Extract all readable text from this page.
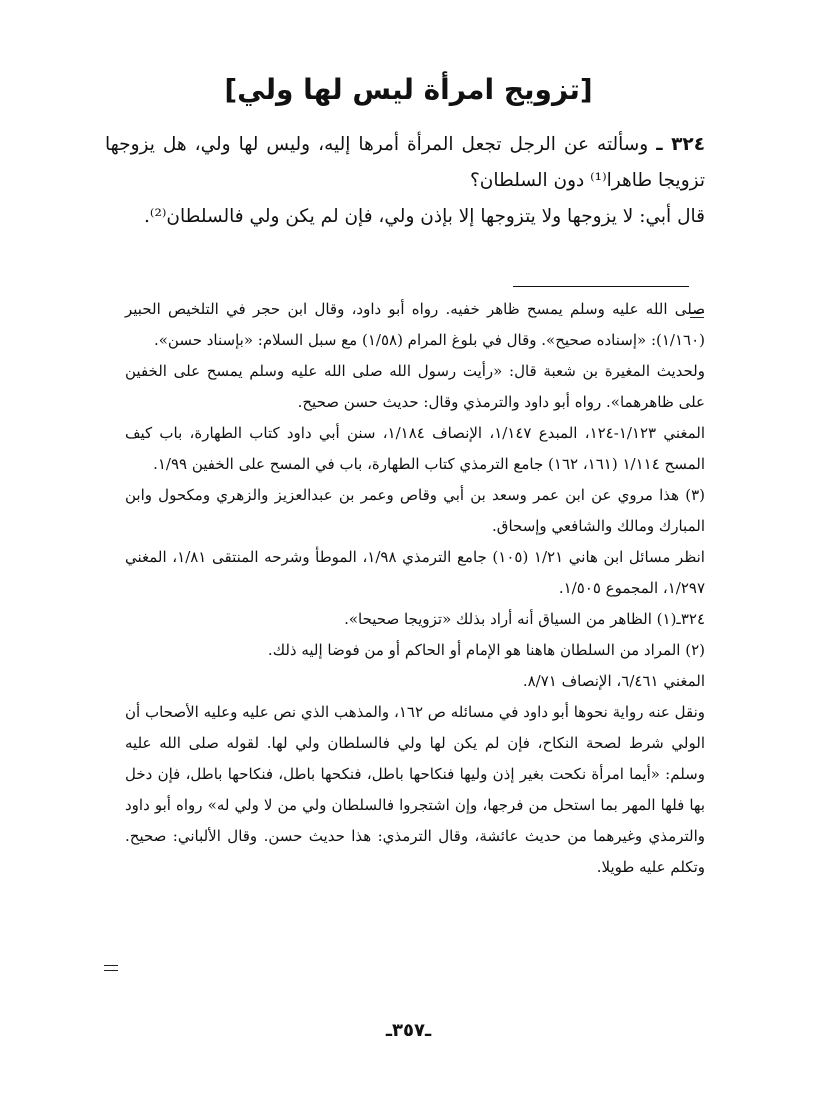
[تزويج امرأة ليس لها ولي]

٣٢٤ ـ وسألته عن الرجل تجعل المرأة أمرها إليه، وليس لها ولي، هل يزوجها تزويجا طاهرا⁽¹⁾ دون السلطان؟

قال أبي: لا يزوجها ولا يتزوجها إلا بإذن ولي، فإن لم يكن ولي فالسلطان⁽²⁾.

صلى الله عليه وسلم يمسح ظاهر خفيه. رواه أبو داود، وقال ابن حجر في التلخيص الحبير (١/١٦٠): «إسناده صحيح». وقال في بلوغ المرام (١/٥٨) مع سبل السلام: «بإسناد حسن».

ولحديث المغيرة بن شعبة قال: «رأيت رسول الله صلى الله عليه وسلم يمسح على الخفين على ظاهرهما». رواه أبو داود والترمذي وقال: حديث حسن صحيح.

المغني ١/١٢٣-١٢٤، المبدع ١/١٤٧، الإنصاف ١/١٨٤، سنن أبي داود كتاب الطهارة، باب كيف المسح ١/١١٤ (١٦١، ١٦٢) جامع الترمذي كتاب الطهارة، باب في المسح على الخفين ١/٩٩.

(٣) هذا مروي عن ابن عمر وسعد بن أبي وقاص وعمر بن عبدالعزيز والزهري ومكحول وابن المبارك ومالك والشافعي وإسحاق.

انظر مسائل ابن هاني ١/٢١ (١٠٥) جامع الترمذي ١/٩٨، الموطأ وشرحه المنتقى ١/٨١، المغني ١/٢٩٧، المجموع ١/٥٠٥.

٣٢٤ـ(١) الظاهر من السياق أنه أراد بذلك «تزويجا صحيحا».

(٢) المراد من السلطان هاهنا هو الإمام أو الحاكم أو من فوضا إليه ذلك.

المغني ٦/٤٦١، الإنصاف ٨/٧١.

ونقل عنه رواية نحوها أبو داود في مسائله ص ١٦٢، والمذهب الذي نص عليه وعليه الأصحاب أن الولي شرط لصحة النكاح، فإن لم يكن لها ولي فالسلطان ولي لها. لقوله صلى الله عليه وسلم: «أيما امرأة نكحت بغير إذن وليها فنكاحها باطل، فنكحها باطل، فنكاحها باطل، فإن دخل بها فلها المهر بما استحل من فرجها، وإن اشتجروا فالسلطان ولي من لا ولي له» رواه أبو داود والترمذي وغيرهما من حديث عائشة، وقال الترمذي: هذا حديث حسن. وقال الألباني: صحيح. وتكلم عليه طويلا.

ـ٣٥٧ـ
